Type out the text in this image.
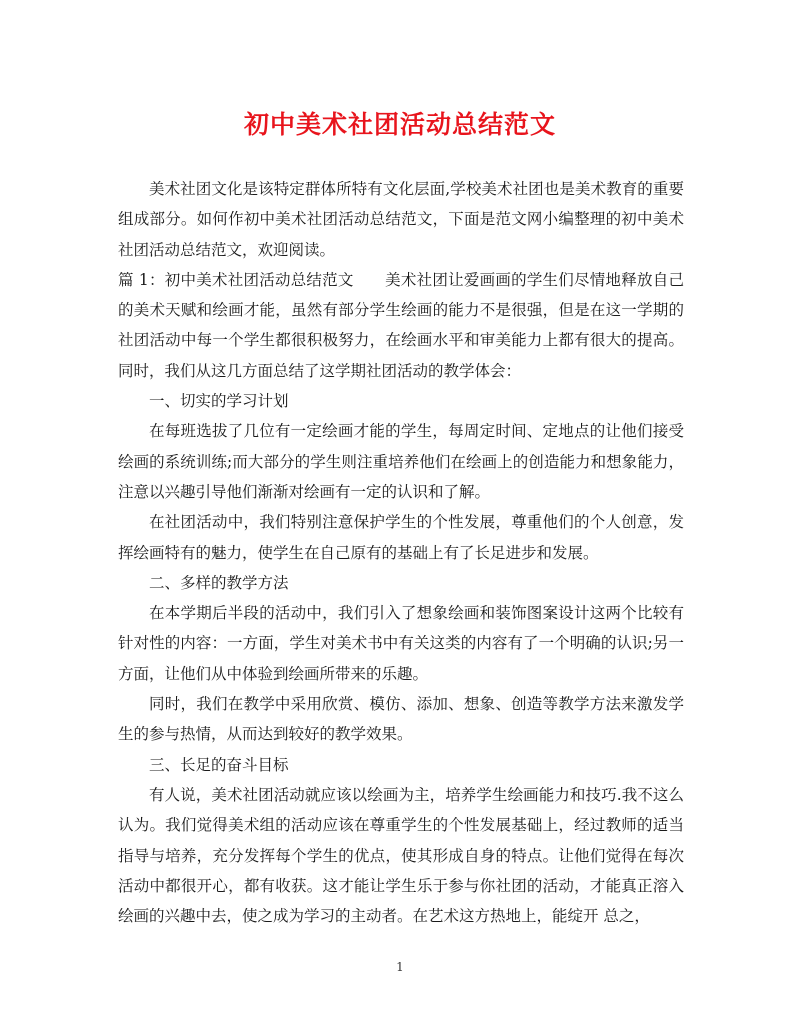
初中美术社团活动总结范文

美术社团文化是该特定群体所特有文化层面,学校美术社团也是美术教育的重要组成部分。如何作初中美术社团活动总结范文，下面是范文网小编整理的初中美术社团活动总结范文，欢迎阅读。

篇 1：初中美术社团活动总结范文　　美术社团让爱画画的学生们尽情地释放自己的美术天赋和绘画才能，虽然有部分学生绘画的能力不是很强，但是在这一学期的社团活动中每一个学生都很积极努力，在绘画水平和审美能力上都有很大的提高。同时，我们从这几方面总结了这学期社团活动的教学体会：

一、切实的学习计划

在每班选拔了几位有一定绘画才能的学生，每周定时间、定地点的让他们接受绘画的系统训练;而大部分的学生则注重培养他们在绘画上的创造能力和想象能力，注意以兴趣引导他们渐渐对绘画有一定的认识和了解。

在社团活动中，我们特别注意保护学生的个性发展，尊重他们的个人创意，发挥绘画特有的魅力，使学生在自己原有的基础上有了长足进步和发展。

二、多样的教学方法

在本学期后半段的活动中，我们引入了想象绘画和装饰图案设计这两个比较有针对性的内容：一方面，学生对美术书中有关这类的内容有了一个明确的认识;另一方面，让他们从中体验到绘画所带来的乐趣。

同时，我们在教学中采用欣赏、模仿、添加、想象、创造等教学方法来激发学生的参与热情，从而达到较好的教学效果。

三、长足的奋斗目标

有人说，美术社团活动就应该以绘画为主，培养学生绘画能力和技巧.我不这么认为。我们觉得美术组的活动应该在尊重学生的个性发展基础上，经过教师的适当指导与培养，充分发挥每个学生的优点，使其形成自身的特点。让他们觉得在每次活动中都很开心，都有收获。这才能让学生乐于参与你社团的活动，才能真正溶入绘画的兴趣中去，使之成为学习的主动者。在艺术这方热地上，能绽开 总之，

1
